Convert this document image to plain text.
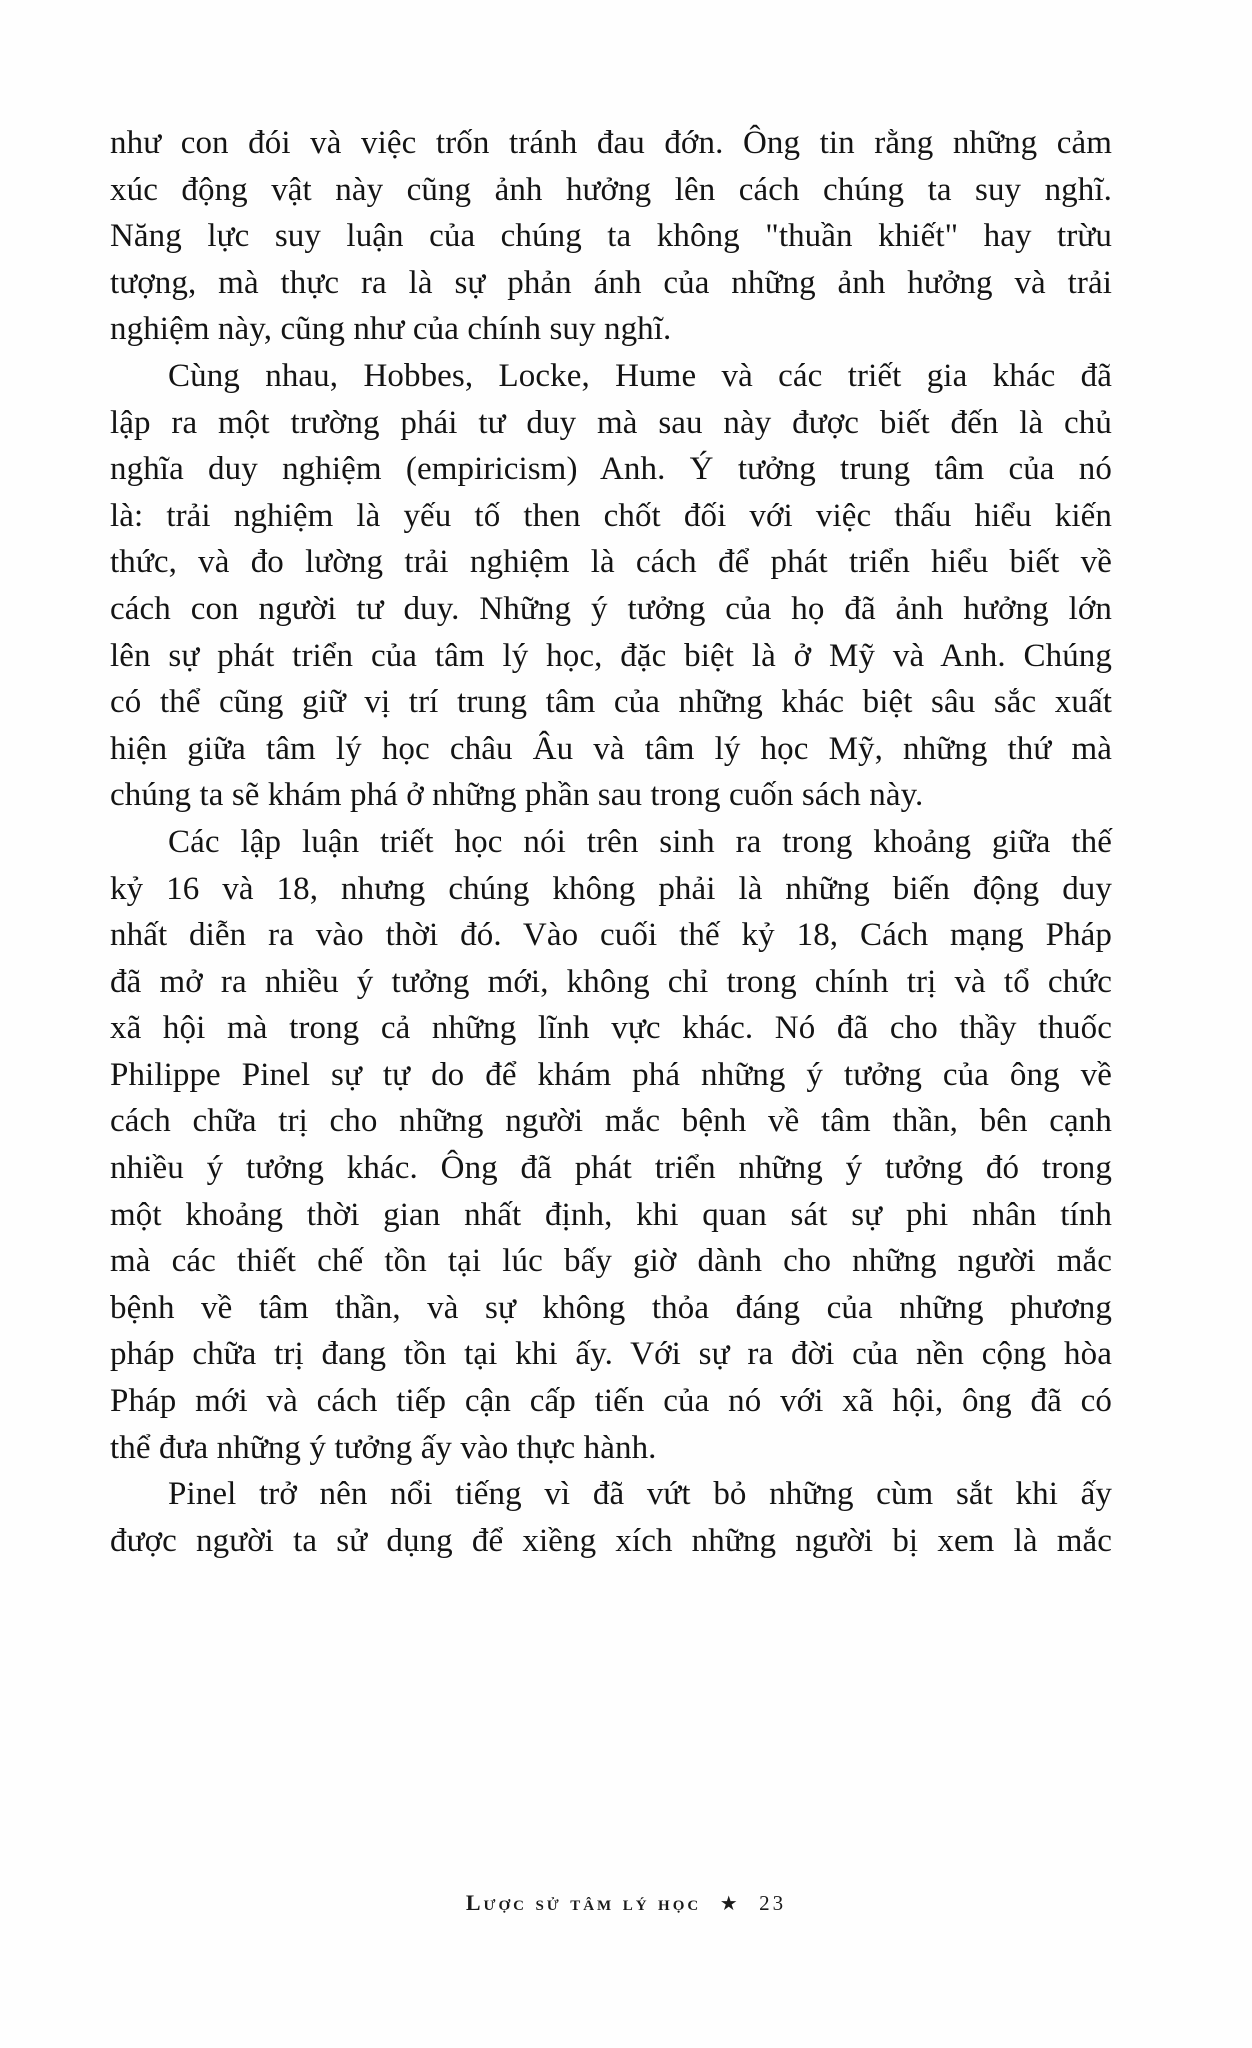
như con đói và việc trốn tránh đau đớn. Ông tin rằng những cảm
xúc động vật này cũng ảnh hưởng lên cách chúng ta suy nghĩ.
Năng lực suy luận của chúng ta không "thuần khiết" hay trừu
tượng, mà thực ra là sự phản ánh của những ảnh hưởng và trải
nghiệm này, cũng như của chính suy nghĩ.
Cùng nhau, Hobbes, Locke, Hume và các triết gia khác đã
lập ra một trường phái tư duy mà sau này được biết đến là chủ
nghĩa duy nghiệm (empiricism) Anh. Ý tưởng trung tâm của nó
là: trải nghiệm là yếu tố then chốt đối với việc thấu hiểu kiến
thức, và đo lường trải nghiệm là cách để phát triển hiểu biết về
cách con người tư duy. Những ý tưởng của họ đã ảnh hưởng lớn
lên sự phát triển của tâm lý học, đặc biệt là ở Mỹ và Anh. Chúng
có thể cũng giữ vị trí trung tâm của những khác biệt sâu sắc xuất
hiện giữa tâm lý học châu Âu và tâm lý học Mỹ, những thứ mà
chúng ta sẽ khám phá ở những phần sau trong cuốn sách này.
Các lập luận triết học nói trên sinh ra trong khoảng giữa thế
kỷ 16 và 18, nhưng chúng không phải là những biến động duy
nhất diễn ra vào thời đó. Vào cuối thế kỷ 18, Cách mạng Pháp
đã mở ra nhiều ý tưởng mới, không chỉ trong chính trị và tổ chức
xã hội mà trong cả những lĩnh vực khác. Nó đã cho thầy thuốc
Philippe Pinel sự tự do để khám phá những ý tưởng của ông về
cách chữa trị cho những người mắc bệnh về tâm thần, bên cạnh
nhiều ý tưởng khác. Ông đã phát triển những ý tưởng đó trong
một khoảng thời gian nhất định, khi quan sát sự phi nhân tính
mà các thiết chế tồn tại lúc bấy giờ dành cho những người mắc
bệnh về tâm thần, và sự không thỏa đáng của những phương
pháp chữa trị đang tồn tại khi ấy. Với sự ra đời của nền cộng hòa
Pháp mới và cách tiếp cận cấp tiến của nó với xã hội, ông đã có
thể đưa những ý tưởng ấy vào thực hành.
Pinel trở nên nổi tiếng vì đã vứt bỏ những cùm sắt khi ấy
được người ta sử dụng để xiềng xích những người bị xem là mắc
Lược sử tâm lý học ★ 23
